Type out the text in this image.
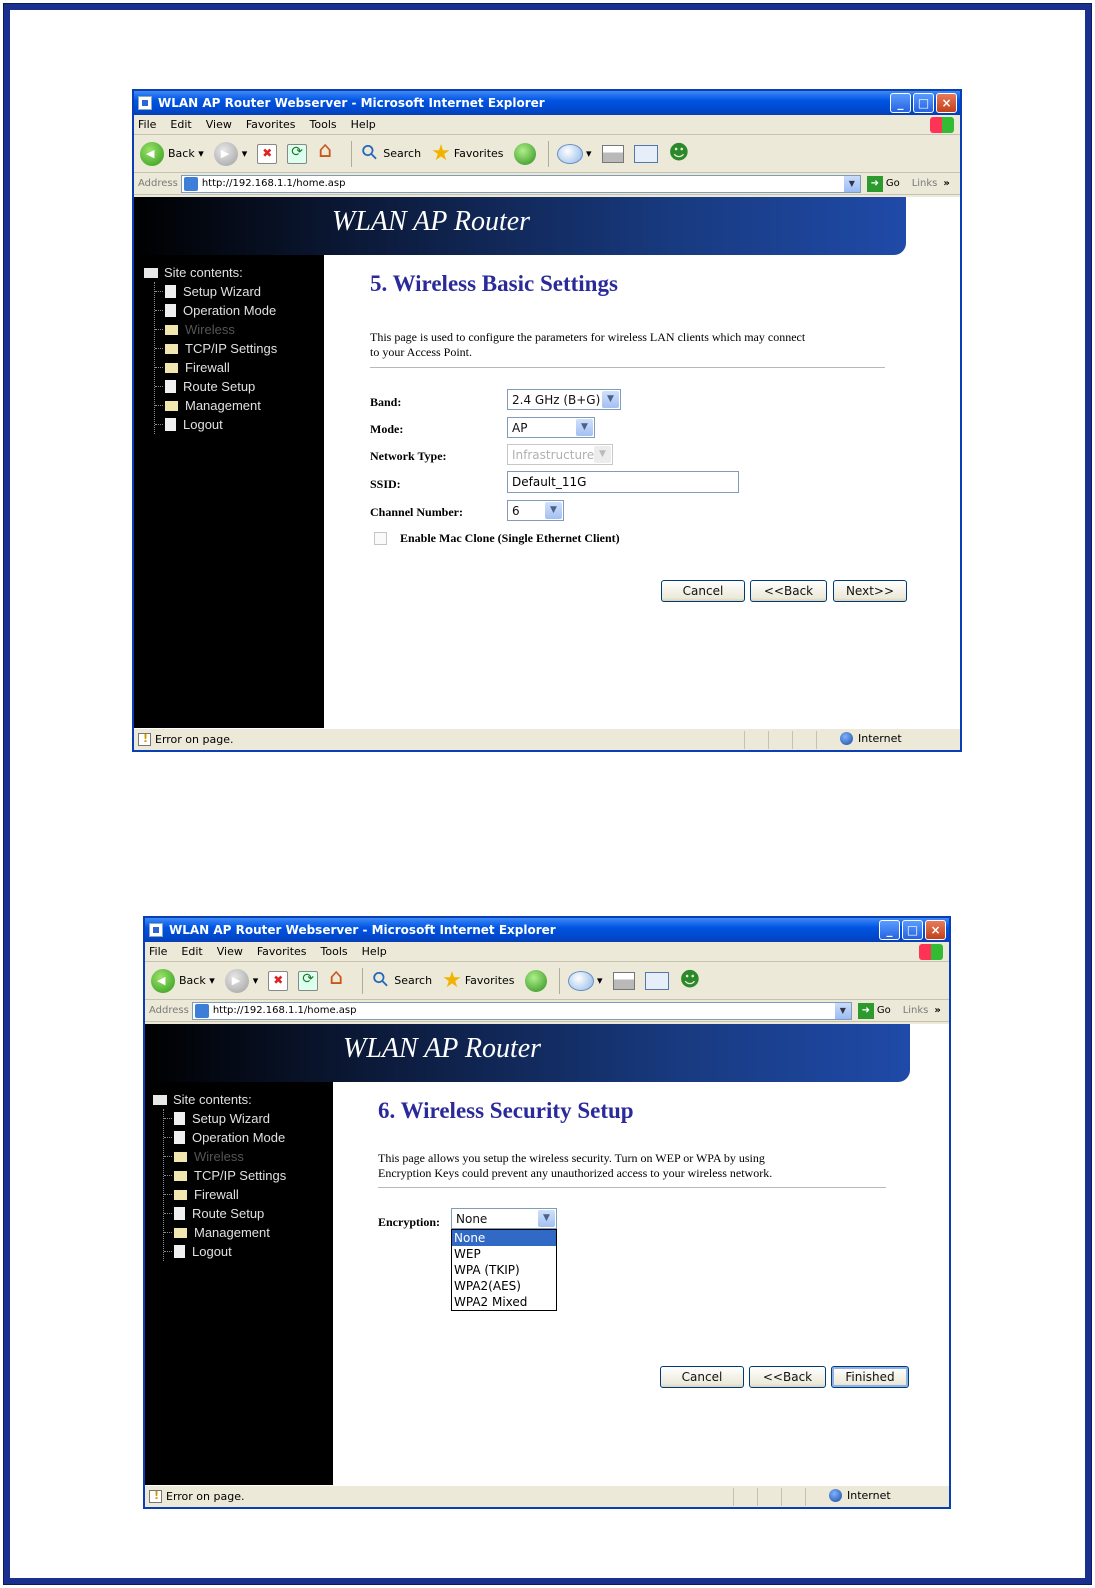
WLAN AP Router Webserver - Microsoft Internet Explorer	_	□	×
File Edit View Favorites Tools Help
◀
Back ▾ ▶	▾ ✖ ⟳ ⌂ ⚲	Search ★ Favorites	▾
☻
Address http://192.168.1.1/home.asp	▼	➜ Go Links »
WLAN AP Router
Site contents:
Setup Wizard
Operation Mode
Wireless
TCP/IP Settings
Firewall
Route Setup
Management
Logout
5. Wireless Basic Settings
This page is used to configure the parameters for wireless LAN clients which may connect
to your Access Point.
Band:	2.4 GHz (B+G) ▼
Mode:	AP	▼
Network Type:	Infrastructure ▼
SSID:	Default_11G
Channel Number:	6	▼
Enable Mac Clone (Single Ethernet Client)
Cancel	<<Back	Next>>
!
Error on page.	Internet
WLAN AP Router Webserver - Microsoft Internet Explorer	_	□	×
File Edit View Favorites Tools Help
◀
Back ▾ ▶	▾ ✖ ⟳ ⌂ ⚲	Search ★ Favorites	▾
☻
Address http://192.168.1.1/home.asp	▼	➜ Go Links »
WLAN AP Router
Site contents:
Setup Wizard
Operation Mode
Wireless
TCP/IP Settings
Firewall
Route Setup
Management
Logout
6. Wireless Security Setup
This page allows you setup the wireless security. Turn on WEP or WPA by using
Encryption Keys could prevent any unauthorized access to your wireless network.
Encryption: None	▼
None
WEP
WPA (TKIP)
WPA2(AES)
WPA2 Mixed
Cancel	<<Back	Finished
!
Error on page.	Internet
